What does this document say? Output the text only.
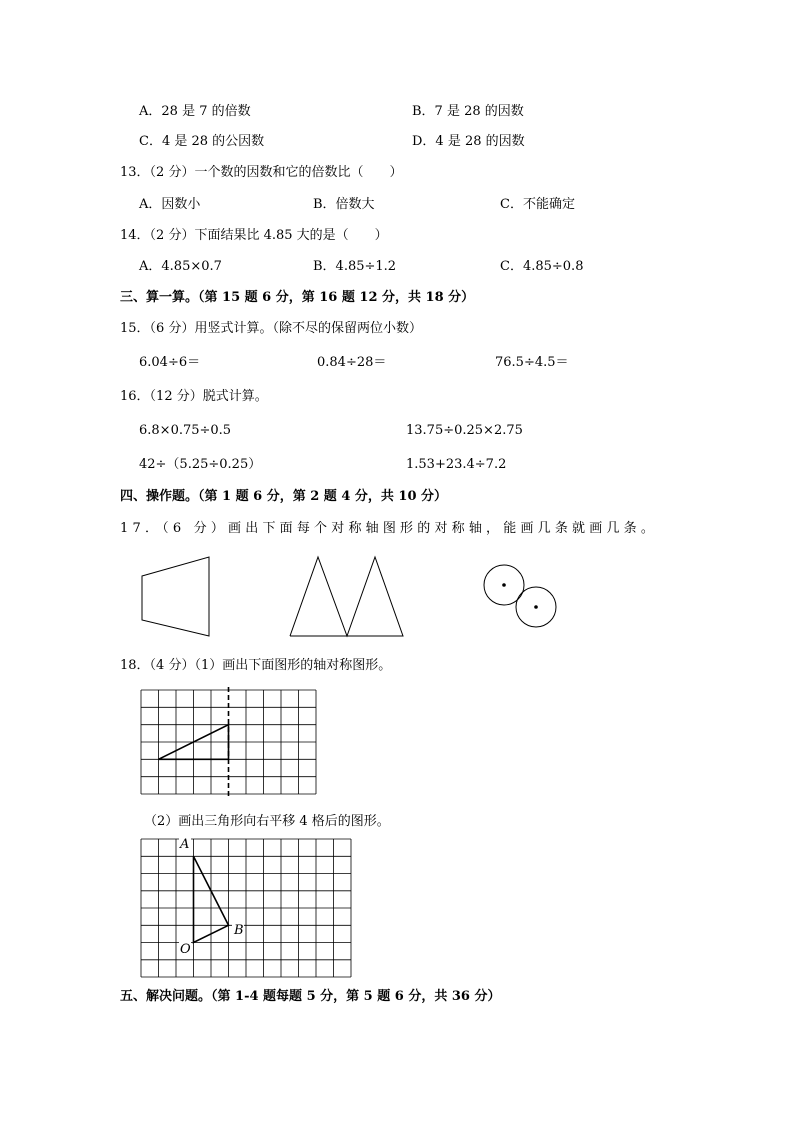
A．28 是 7 的倍数	B．7 是 28 的因数
C．4 是 28 的公因数	D．4 是 28 的因数
13．（2 分）一个数的因数和它的倍数比（　　）
A．因数小	B．倍数大	C．不能确定
14．（2 分）下面结果比 4.85 大的是（　　）
A．4.85×0.7	B．4.85÷1.2	C．4.85÷0.8
三、算一算。（第 15 题 6 分，第 16 题 12 分，共 18 分）
15．（6 分）用竖式计算。（除不尽的保留两位小数）
6.04÷6＝	0.84÷28＝	76.5÷4.5＝
16．（12 分）脱式计算。
6.8×0.75÷0.5	13.75÷0.25×2.75
42÷（5.25÷0.25）	1.53+23.4÷7.2
四、操作题。（第 1 题 6 分，第 2 题 4 分，共 10 分）
17．（6 分）画出下面每个对称轴图形的对称轴，能画几条就画几条。
18．（4 分）（1）画出下面图形的轴对称图形。
（2）画出三角形向右平移 4 格后的图形。
A
B
O
五、解决问题。（第 1-4 题每题 5 分，第 5 题 6 分，共 36 分）
